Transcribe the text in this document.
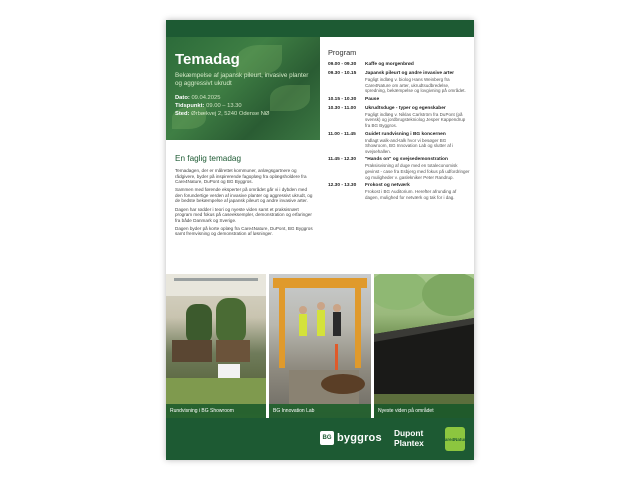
Temadag
Bekæmpelse af japansk pileurt, invasive planter og aggressivt ukrudt
Dato: 09.04.2025
Tidspunkt: 09.00 – 13.30
Sted: Ørbækvej 2, 5240 Odense NØ
En faglig temadag

Temadagen, der er målrettet kommuner, anlægsgartnere og rådgivere, byder på inspirerende fagoplæg fra oplægsholdere fra Care4Nature, DuPont og BG Byggros.

Sammen med førende eksperter på området går vi i dybden med den forundertige verden af invasive planter og aggressivt ukrudt, og de bedste bekæmpelse af japansk pileurt og andre invasive arter.

Dagen har rødder i teori og nyeste viden samt et praksisnært program med fokus på caseeksempler, demonstration og erfaringer fra både Danmark og Sverige.

Dagen byder på korte oplæg fra Care4Nature, DuPont, BG Byggros samt fremvisning og demonstration af løsninger.

Program
09.00 - 09.30	Kaffe og morgenbrød
09.30 - 10.15	Japansk pileurt og andre invasive arter
Fagligt indlæg v. biolog Hans Weinberg fra Care4Nature om arter, ukrudtsudbredelse, spredning, bekæmpelse og lovgivning på området.
10.15 - 10.30	Pause
10.30 - 11.00	Ukrudtsduge - typer og egenskaber
Fagligt indlæg v. Niklas Carlström fra DuPont (på svensk) og jordbrugstekniolog Jesper Kappendrup fra BG Byggros.
11.00 - 11.45	Guidet rundvisning i BG koncernen
Indlagt walk-and-talk hvor vi besøger BG Showroom, BG Innovation Lab og slutter af i svejsehallen.
11.45 - 12.30	"Hands on" og svejsedemonstration
Praksisvisning af duge med en totaleconomisk gevinst - case fra Esbjerg med fokus på udfordringer og muligheder v. gaslekniker Peter Randrup.
12.30 - 13.30	Frokost og netværk
Frokost i BG Auditorium. Herefter afrunding af dagen, mulighed for netværk og tak for i dag.
Rundvisning i BG Showroom	BG Innovation Lab	Nyeste viden på området
BG byggros Dupont
Plantex	Care4Nature
